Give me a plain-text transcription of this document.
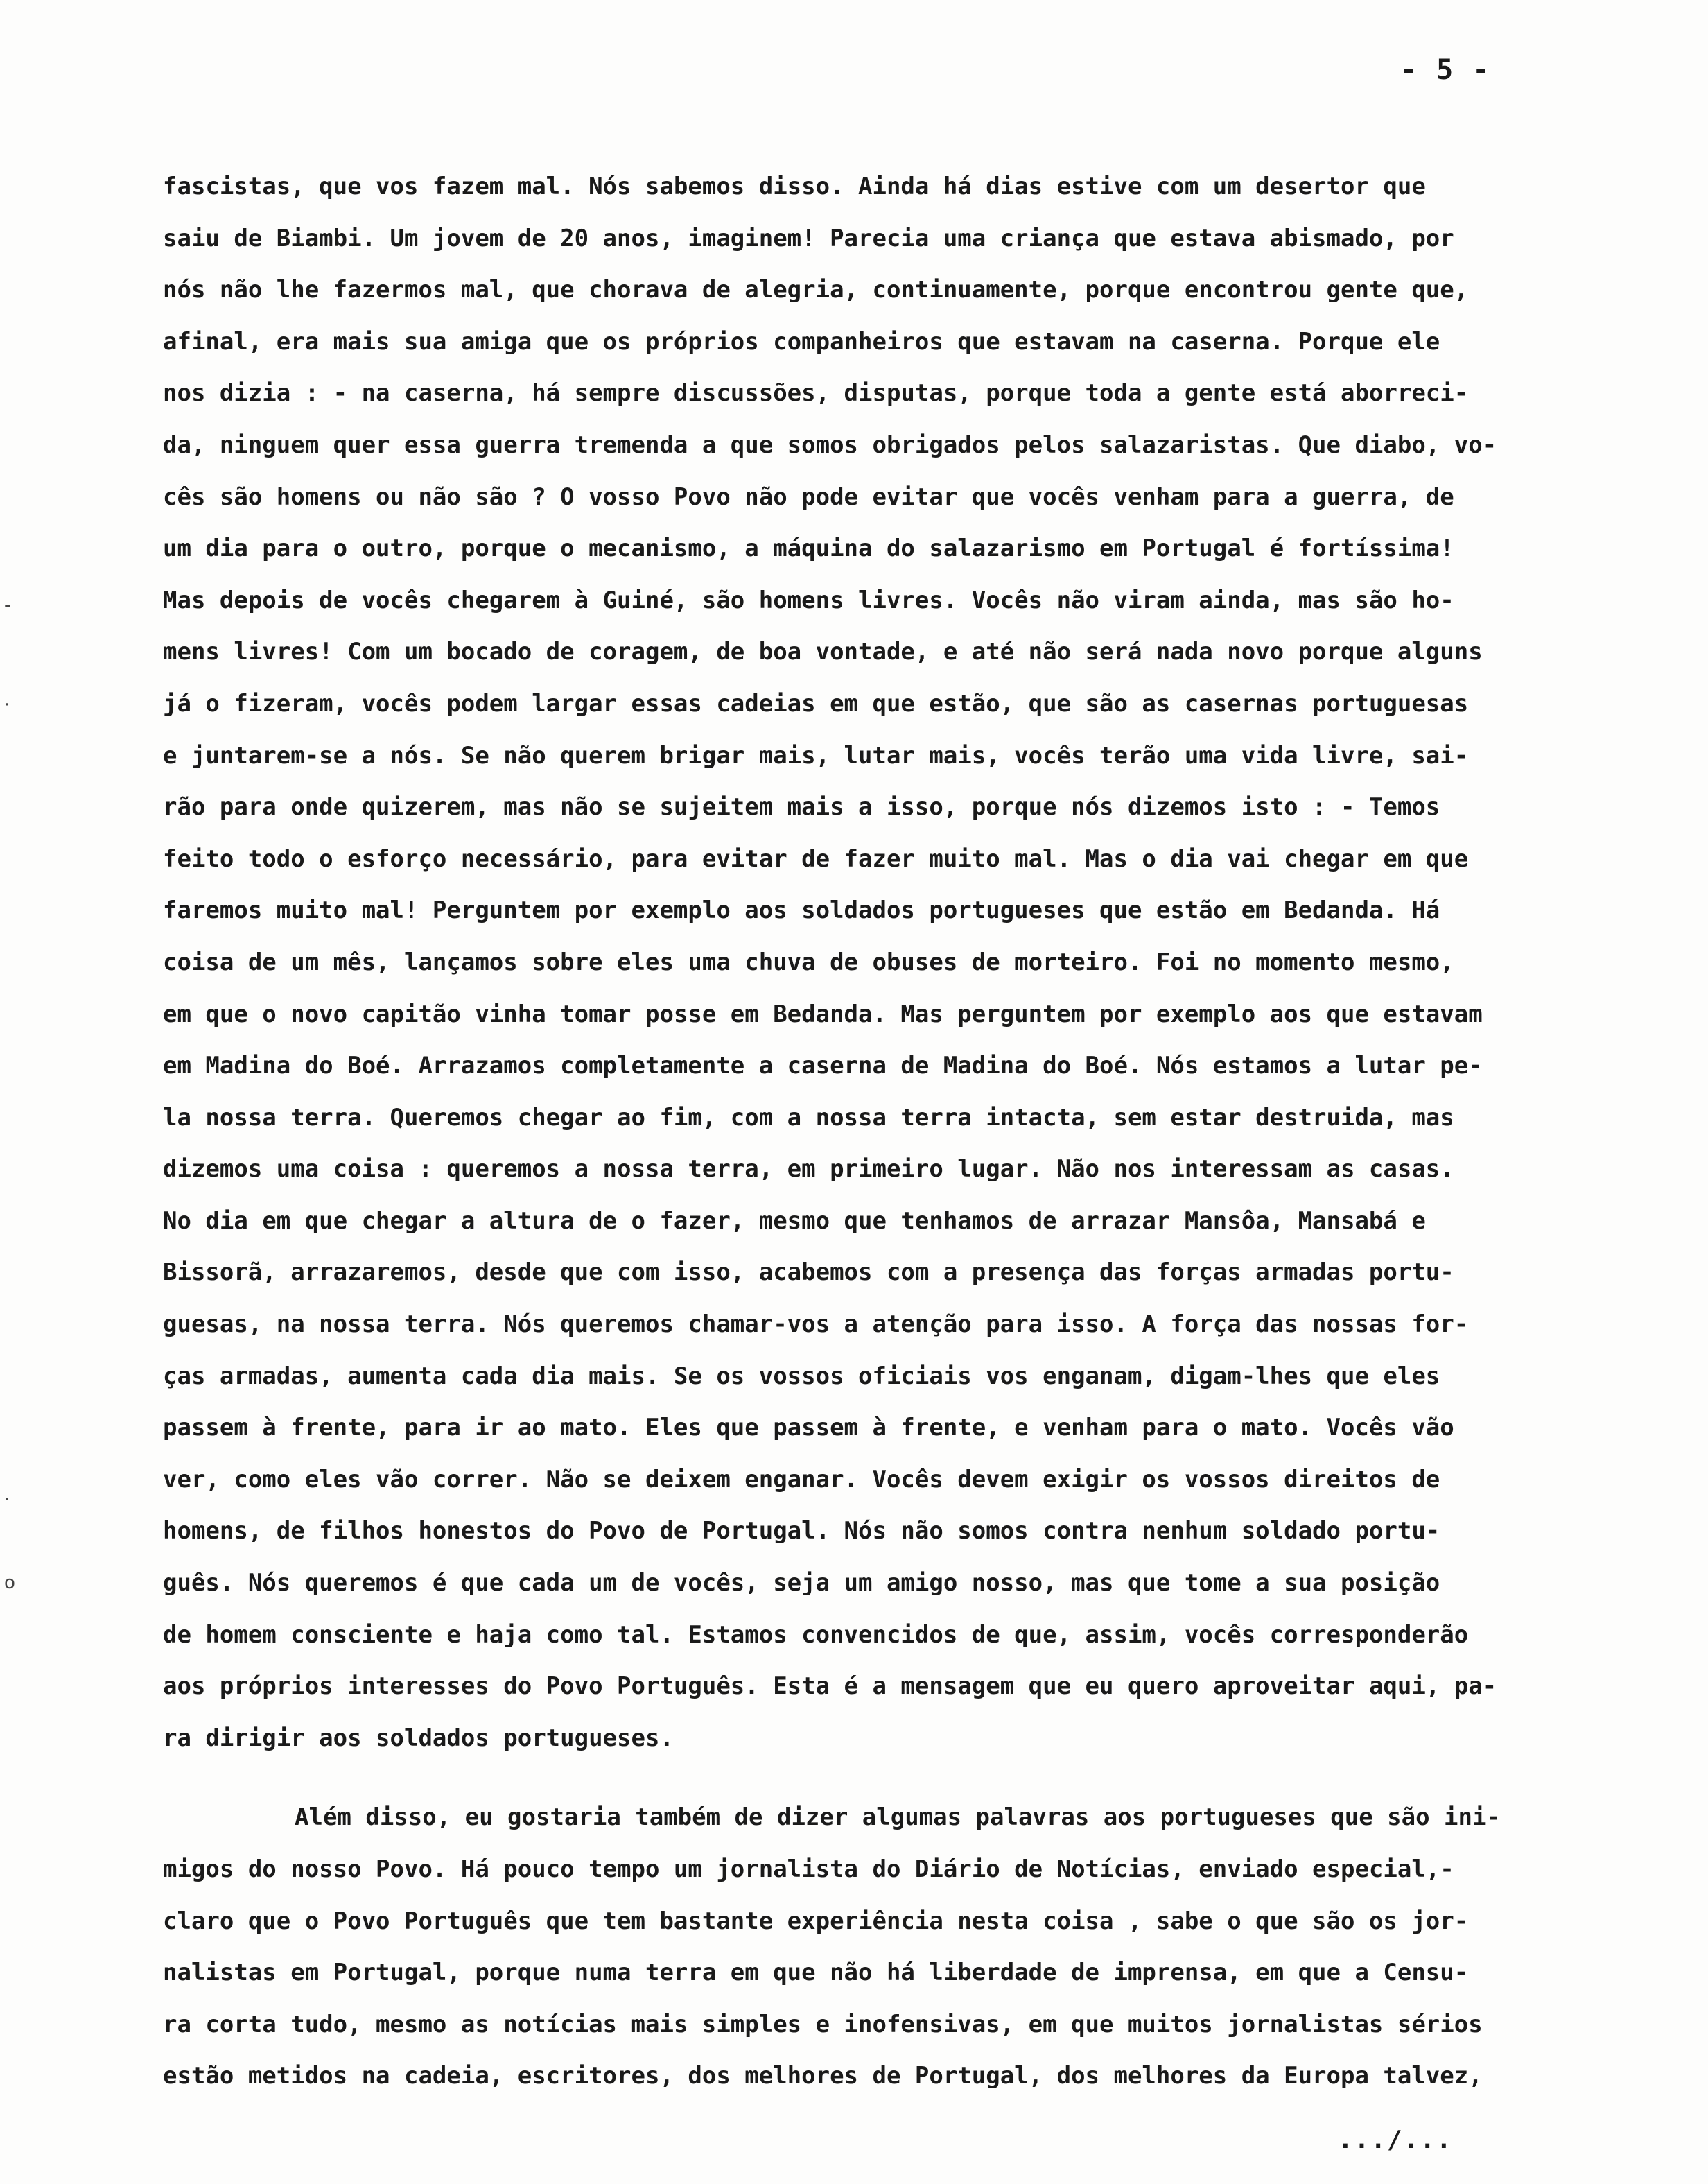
- 5 -
-
·
·
o
fascistas, que vos fazem mal. Nós sabemos disso. Ainda há dias estive com um desertor que
saiu de Biambi. Um jovem de 20 anos, imaginem! Parecia uma criança que estava abismado, por
nós não lhe fazermos mal, que chorava de alegria, continuamente, porque encontrou gente que,
afinal, era mais sua amiga que os próprios companheiros que estavam na caserna. Porque ele
nos dizia : - na caserna, há sempre discussões, disputas, porque toda a gente está aborreci-
da, ninguem quer essa guerra tremenda a que somos obrigados pelos salazaristas. Que diabo, vo-
cês são homens ou não são ? O vosso Povo não pode evitar que vocês venham para a guerra, de
um dia para o outro, porque o mecanismo, a máquina do salazarismo em Portugal é fortíssima!
Mas depois de vocês chegarem à Guiné, são homens livres. Vocês não viram ainda, mas são ho-
mens livres! Com um bocado de coragem, de boa vontade, e até não será nada novo porque alguns
já o fizeram, vocês podem largar essas cadeias em que estão, que são as casernas portuguesas
e juntarem-se a nós. Se não querem brigar mais, lutar mais, vocês terão uma vida livre, sai-
rão para onde quizerem, mas não se sujeitem mais a isso, porque nós dizemos isto : - Temos
feito todo o esforço necessário, para evitar de fazer muito mal. Mas o dia vai chegar em que
faremos muito mal! Perguntem por exemplo aos soldados portugueses que estão em Bedanda. Há
coisa de um mês, lançamos sobre eles uma chuva de obuses de morteiro. Foi no momento mesmo,
em que o novo capitão vinha tomar posse em Bedanda. Mas perguntem por exemplo aos que estavam
em Madina do Boé. Arrazamos completamente a caserna de Madina do Boé. Nós estamos a lutar pe-
la nossa terra. Queremos chegar ao fim, com a nossa terra intacta, sem estar destruida, mas
dizemos uma coisa : queremos a nossa terra, em primeiro lugar. Não nos interessam as casas.
No dia em que chegar a altura de o fazer, mesmo que tenhamos de arrazar Mansôa, Mansabá e
Bissorã, arrazaremos, desde que com isso, acabemos com a presença das forças armadas portu-
guesas, na nossa terra. Nós queremos chamar-vos a atenção para isso. A força das nossas for-
ças armadas, aumenta cada dia mais. Se os vossos oficiais vos enganam, digam-lhes que eles
passem à frente, para ir ao mato. Eles que passem à frente, e venham para o mato. Vocês vão
ver, como eles vão correr. Não se deixem enganar. Vocês devem exigir os vossos direitos de
homens, de filhos honestos do Povo de Portugal. Nós não somos contra nenhum soldado portu-
guês. Nós queremos é que cada um de vocês, seja um amigo nosso, mas que tome a sua posição
de homem consciente e haja como tal. Estamos convencidos de que, assim, vocês corresponderão
aos próprios interesses do Povo Português. Esta é a mensagem que eu quero aproveitar aqui, pa-
ra dirigir aos soldados portugueses.
Além disso, eu gostaria também de dizer algumas palavras aos portugueses que são ini-
migos do nosso Povo. Há pouco tempo um jornalista do Diário de Notícias, enviado especial,-
claro que o Povo Português que tem bastante experiência nesta coisa , sabe o que são os jor-
nalistas em Portugal, porque numa terra em que não há liberdade de imprensa, em que a Censu-
ra corta tudo, mesmo as notícias mais simples e inofensivas, em que muitos jornalistas sérios
estão metidos na cadeia, escritores, dos melhores de Portugal, dos melhores da Europa talvez,
.../...
